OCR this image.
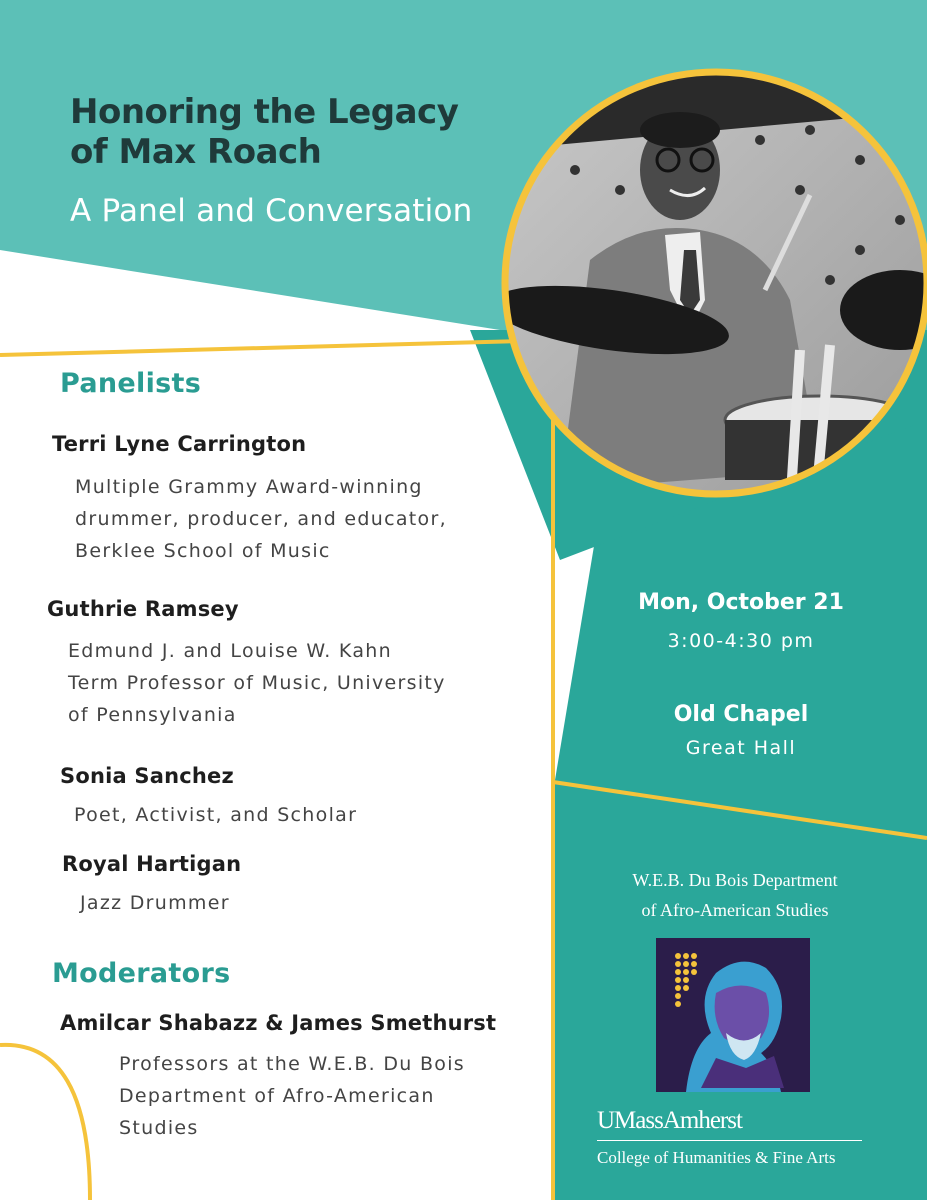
Honoring the Legacy
of Max Roach
A Panel and Conversation
Panelists
Terri Lyne Carrington
Multiple Grammy Award-winning
drummer, producer, and educator,
Berklee School of Music
Guthrie Ramsey
Edmund J. and Louise W. Kahn
Term Professor of Music, University
of Pennsylvania
Sonia Sanchez
Poet, Activist, and Scholar
Royal Hartigan
Jazz Drummer
Moderators
Amilcar Shabazz & James Smethurst
Professors at the W.E.B. Du Bois
Department of Afro-American
Studies
Mon, October 21
3:00-4:30 pm
Old Chapel
Great Hall
W.E.B. Du Bois Department
of Afro-American Studies
UMassAmherst
College of Humanities & Fine Arts
